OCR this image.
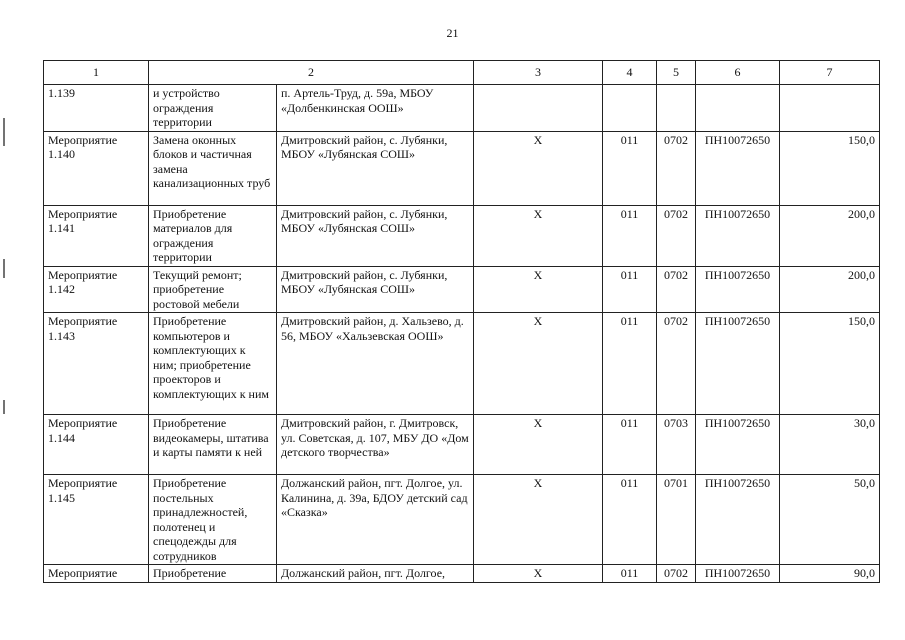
21
1	2		3	4	5	6	7
1.139	и устройство ограждения территории	п. Артель-Труд, д. 59а, МБОУ «Долбенкинская ООШ»					
Мероприятие 1.140	Замена оконных блоков и частичная замена канализационных труб	Дмитровский район, с. Лубянки, МБОУ «Лубянская СОШ»	X	011	0702	ПН10072650	150,0
Мероприятие 1.141	Приобретение материалов для ограждения территории	Дмитровский район, с. Лубянки, МБОУ «Лубянская СОШ»	X	011	0702	ПН10072650	200,0
Мероприятие 1.142	Текущий ремонт; приобретение ростовой мебели	Дмитровский район, с. Лубянки, МБОУ «Лубянская СОШ»	X	011	0702	ПН10072650	200,0
Мероприятие 1.143	Приобретение компьютеров и комплектующих к ним; приобретение проекторов и комплектующих к ним	Дмитровский район, д. Хальзево, д. 56, МБОУ «Хальзевская ООШ»	X	011	0702	ПН10072650	150,0
Мероприятие 1.144	Приобретение видеокамеры, штатива и карты памяти к ней	Дмитровский район, г. Дмитровск, ул. Советская, д. 107, МБУ ДО «Дом детского творчества»	X	011	0703	ПН10072650	30,0
Мероприятие 1.145	Приобретение постельных принадлежностей, полотенец и спецодежды для сотрудников	Должанский район, пгт. Долгое, ул. Калинина, д. 39а, БДОУ детский сад «Сказка»	X	011	0701	ПН10072650	50,0
Мероприятие	Приобретение	Должанский район, пгт. Долгое,	X	011	0702	ПН10072650	90,0
